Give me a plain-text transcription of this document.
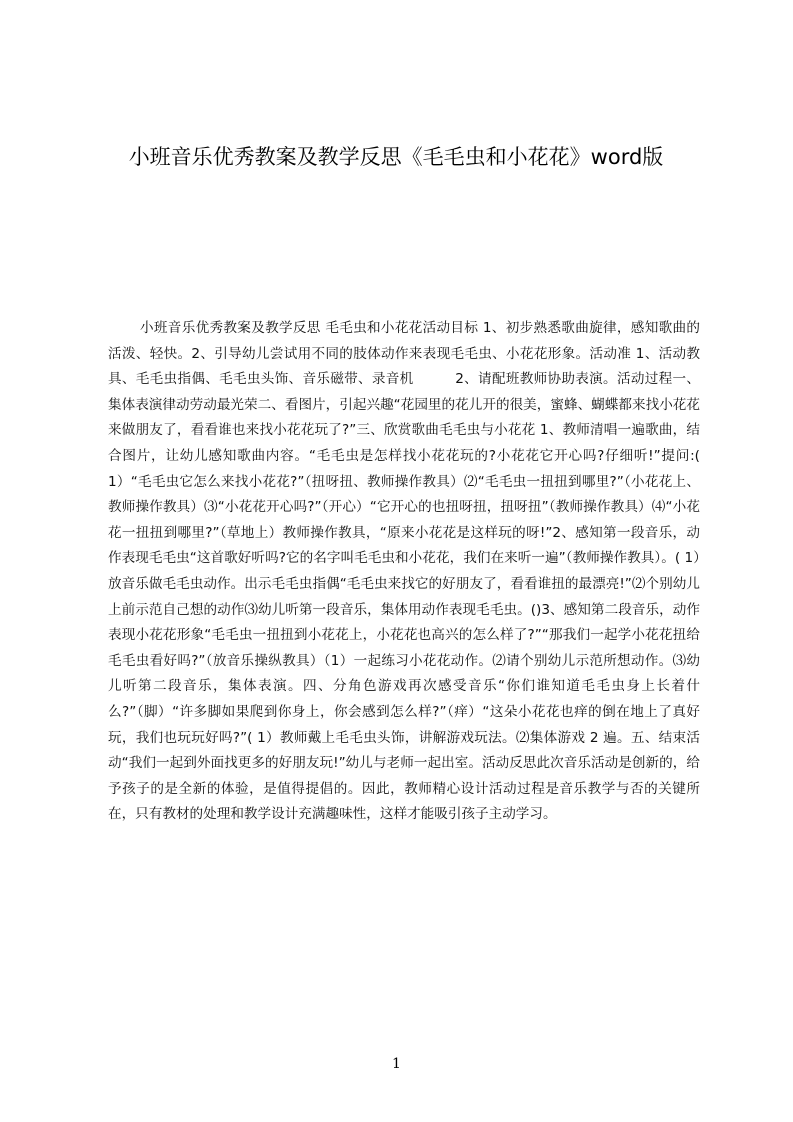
小班音乐优秀教案及教学反思《毛毛虫和小花花》word版

小班音乐优秀教案及教学反思 毛毛虫和小花花活动目标 1、初步熟悉歌曲旋律，感知歌曲的活泼、轻快。2、引导幼儿尝试用不同的肢体动作来表现毛毛虫、小花花形象。活动准 1、活动教具、毛毛虫指偶、毛毛虫头饰、音乐磁带、录音机　　　2、请配班教师协助表演。活动过程一、集体表演律动劳动最光荣二、看图片，引起兴趣“花园里的花儿开的很美，蜜蜂、蝴蝶都来找小花花来做朋友了，看看谁也来找小花花玩了?”三、欣赏歌曲毛毛虫与小花花 1、教师清唱一遍歌曲，结合图片，让幼儿感知歌曲内容。“毛毛虫是怎样找小花花玩的?小花花它开心吗?仔细听!”提问:( 1）“毛毛虫它怎么来找小花花?”（扭呀扭、教师操作教具）⑵“毛毛虫一扭扭到哪里?”（小花花上、教师操作教具）⑶“小花花开心吗?”（开心）“它开心的也扭呀扭，扭呀扭”（教师操作教具）⑷“小花花一扭扭到哪里?”（草地上）教师操作教具，“原来小花花是这样玩的呀!”2、感知第一段音乐，动作表现毛毛虫“这首歌好听吗?它的名字叫毛毛虫和小花花，我们在来听一遍”（教师操作教具）。( 1）放音乐做毛毛虫动作。出示毛毛虫指偶“毛毛虫来找它的好朋友了，看看谁扭的最漂亮!”⑵个别幼儿上前示范自己想的动作⑶幼儿听第一段音乐，集体用动作表现毛毛虫。()3、感知第二段音乐，动作表现小花花形象“毛毛虫一扭扭到小花花上，小花花也高兴的怎么样了?”“那我们一起学小花花扭给毛毛虫看好吗?”（放音乐操纵教具）（1）一起练习小花花动作。⑵请个别幼儿示范所想动作。⑶幼儿听第二段音乐，集体表演。四、分角色游戏再次感受音乐“你们谁知道毛毛虫身上长着什么?”（脚）“许多脚如果爬到你身上，你会感到怎么样?”（痒）“这朵小花花也痒的倒在地上了真好玩，我们也玩玩好吗?”( 1）教师戴上毛毛虫头饰，讲解游戏玩法。⑵集体游戏 2 遍。五、结束活动“我们一起到外面找更多的好朋友玩!”幼儿与老师一起出室。活动反思此次音乐活动是创新的，给予孩子的是全新的体验，是值得提倡的。因此，教师精心设计活动过程是音乐教学与否的关键所在，只有教材的处理和教学设计充满趣味性，这样才能吸引孩子主动学习。

1
